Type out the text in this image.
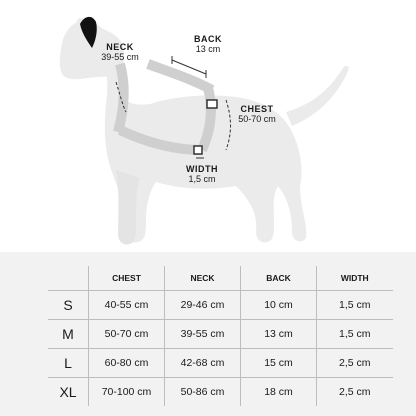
NECK
39-55 cm
BACK
13 cm
CHEST
50-70 cm
WIDTH
1,5 cm
	CHEST	NECK	BACK	WIDTH
S	40-55 cm	29-46 cm	10 cm	1,5 cm
M	50-70 cm	39-55 cm	13 cm	1,5 cm
L	60-80 cm	42-68 cm	15 cm	2,5 cm
XL	70-100 cm	50-86 cm	18 cm	2,5 cm
